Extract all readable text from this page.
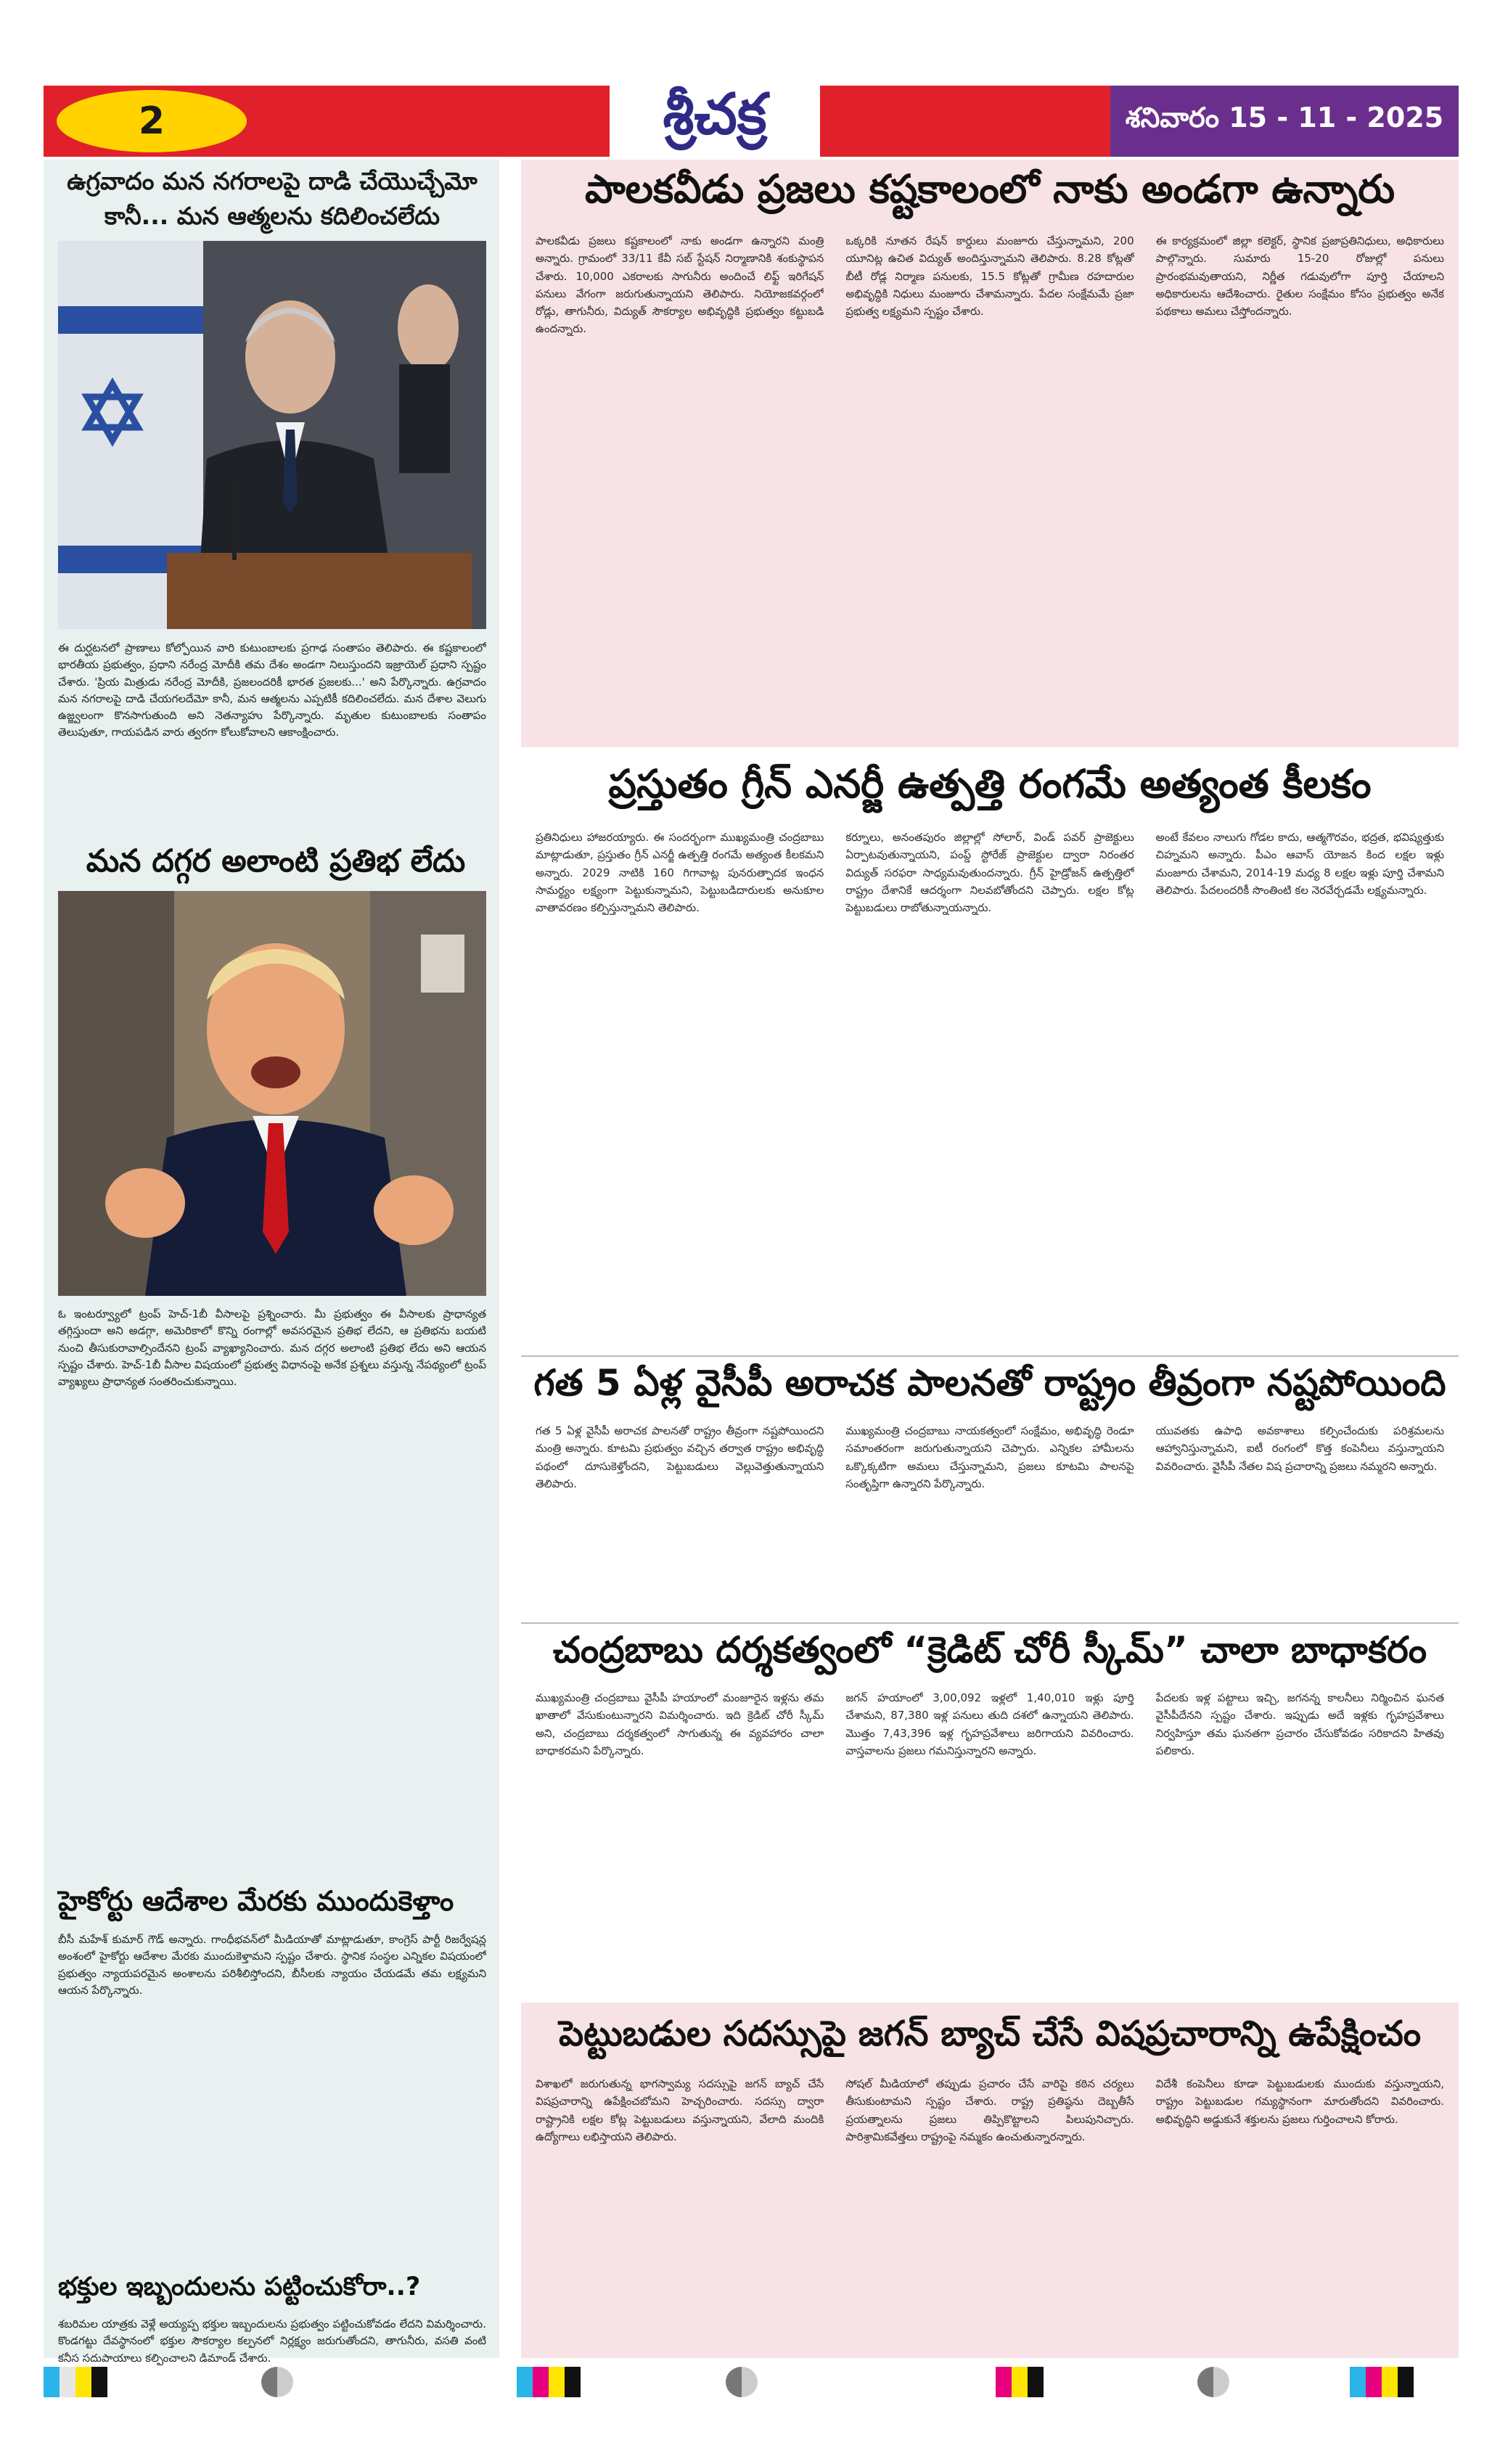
2	శ్రీచక్ర	శనివారం 15 - 11 - 2025
ఉగ్రవాదం మన నగరాలపై దాడి చేయొచ్చేమో
కానీ... మన ఆత్మలను కదిలించలేదు
ఈ దుర్ఘటనలో ప్రాణాలు కోల్పోయిన వారి కుటుంబాలకు ప్రగాఢ సంతాపం తెలిపారు. ఈ కష్టకాలంలో భారతీయ ప్రభుత్వం, ప్రధాని నరేంద్ర మోదీకి తమ దేశం అండగా నిలుస్తుందని ఇజ్రాయెల్ ప్రధాని స్పష్టం చేశారు. 'ప్రియ మిత్రుడు నరేంద్ర మోదీకి, ప్రజలందరికీ భారత ప్రజలకు...' అని పేర్కొన్నారు. ఉగ్రవాదం మన నగరాలపై దాడి చేయగలదేమో కానీ, మన ఆత్మలను ఎప్పటికీ కదిలించలేదు. మన దేశాల వెలుగు ఉజ్జ్వలంగా కొనసాగుతుంది అని నెతన్యాహు పేర్కొన్నారు. మృతుల కుటుంబాలకు సంతాపం తెలుపుతూ, గాయపడిన వారు త్వరగా కోలుకోవాలని ఆకాంక్షించారు.
మన దగ్గర అలాంటి ప్రతిభ లేదు
ఓ ఇంటర్వ్యూలో ట్రంప్ హెచ్-1బీ వీసాలపై ప్రశ్నించారు. మీ ప్రభుత్వం ఈ వీసాలకు ప్రాధాన్యత తగ్గిస్తుందా అని అడగ్గా, అమెరికాలో కొన్ని రంగాల్లో అవసరమైన ప్రతిభ లేదని, ఆ ప్రతిభను బయటి నుంచి తీసుకురావాల్సిందేనని ట్రంప్ వ్యాఖ్యానించారు. మన దగ్గర అలాంటి ప్రతిభ లేదు అని ఆయన స్పష్టం చేశారు. హెచ్-1బీ వీసాల విషయంలో ప్రభుత్వ విధానంపై అనేక ప్రశ్నలు వస్తున్న నేపథ్యంలో ట్రంప్ వ్యాఖ్యలు ప్రాధాన్యత సంతరించుకున్నాయి.
హైకోర్టు ఆదేశాల మేరకు ముందుకెళ్తాం
బీసీ మహేశ్ కుమార్ గౌడ్ అన్నారు. గాంధీభవన్‌లో మీడియాతో మాట్లాడుతూ, కాంగ్రెస్ పార్టీ రిజర్వేషన్ల అంశంలో హైకోర్టు ఆదేశాల మేరకు ముందుకెళ్తామని స్పష్టం చేశారు. స్థానిక సంస్థల ఎన్నికల విషయంలో ప్రభుత్వం న్యాయపరమైన అంశాలను పరిశీలిస్తోందని, బీసీలకు న్యాయం చేయడమే తమ లక్ష్యమని ఆయన పేర్కొన్నారు.
భక్తుల ఇబ్బందులను పట్టించుకోరా..?
శబరిమల యాత్రకు వెళ్లే అయ్యప్ప భక్తుల ఇబ్బందులను ప్రభుత్వం పట్టించుకోవడం లేదని విమర్శించారు. కొండగట్టు దేవస్థానంలో భక్తుల సౌకర్యాల కల్పనలో నిర్లక్ష్యం జరుగుతోందని, తాగునీరు, వసతి వంటి కనీస సదుపాయాలు కల్పించాలని డిమాండ్ చేశారు.
పాలకవీడు ప్రజలు కష్టకాలంలో నాకు అండగా ఉన్నారు
పాలకవీడు ప్రజలు కష్టకాలంలో నాకు అండగా ఉన్నారని మంత్రి అన్నారు. గ్రామంలో 33/11 కేవీ సబ్ స్టేషన్ నిర్మాణానికి శంకుస్థాపన చేశారు. 10,000 ఎకరాలకు సాగునీరు అందించే లిఫ్ట్ ఇరిగేషన్ పనులు వేగంగా జరుగుతున్నాయని తెలిపారు. నియోజకవర్గంలో రోడ్లు, తాగునీరు, విద్యుత్ సౌకర్యాల అభివృద్ధికి ప్రభుత్వం కట్టుబడి ఉందన్నారు.
ఒక్కరికి నూతన రేషన్ కార్డులు మంజూరు చేస్తున్నామని, 200 యూనిట్ల ఉచిత విద్యుత్ అందిస్తున్నామని తెలిపారు. 8.28 కోట్లతో బీటీ రోడ్ల నిర్మాణ పనులకు, 15.5 కోట్లతో గ్రామీణ రహదారుల అభివృద్ధికి నిధులు మంజూరు చేశామన్నారు. పేదల సంక్షేమమే ప్రజా ప్రభుత్వ లక్ష్యమని స్పష్టం చేశారు.
ఈ కార్యక్రమంలో జిల్లా కలెక్టర్, స్థానిక ప్రజాప్రతినిధులు, అధికారులు పాల్గొన్నారు. సుమారు 15-20 రోజుల్లో పనులు ప్రారంభమవుతాయని, నిర్ణీత గడువులోగా పూర్తి చేయాలని అధికారులను ఆదేశించారు. రైతుల సంక్షేమం కోసం ప్రభుత్వం అనేక పథకాలు అమలు చేస్తోందన్నారు.
ప్రస్తుతం గ్రీన్ ఎనర్జీ ఉత్పత్తి రంగమే అత్యంత కీలకం
ప్రతినిధులు హాజరయ్యారు. ఈ సందర్భంగా ముఖ్యమంత్రి చంద్రబాబు మాట్లాడుతూ, ప్రస్తుతం గ్రీన్ ఎనర్జీ ఉత్పత్తి రంగమే అత్యంత కీలకమని అన్నారు. 2029 నాటికి 160 గిగావాట్ల పునరుత్పాదక ఇంధన సామర్థ్యం లక్ష్యంగా పెట్టుకున్నామని, పెట్టుబడిదారులకు అనుకూల వాతావరణం కల్పిస్తున్నామని తెలిపారు.
కర్నూలు, అనంతపురం జిల్లాల్లో సోలార్, విండ్ పవర్ ప్రాజెక్టులు ఏర్పాటవుతున్నాయని, పంప్డ్ స్టోరేజ్ ప్రాజెక్టుల ద్వారా నిరంతర విద్యుత్ సరఫరా సాధ్యమవుతుందన్నారు. గ్రీన్ హైడ్రోజన్ ఉత్పత్తిలో రాష్ట్రం దేశానికే ఆదర్శంగా నిలవబోతోందని చెప్పారు. లక్షల కోట్ల పెట్టుబడులు రాబోతున్నాయన్నారు.
అంటే కేవలం నాలుగు గోడల కాదు, ఆత్మగౌరవం, భద్రత, భవిష్యత్తుకు చిహ్నమని అన్నారు. పీఎం ఆవాస్ యోజన కింద లక్షల ఇళ్లు మంజూరు చేశామని, 2014-19 మధ్య 8 లక్షల ఇళ్లు పూర్తి చేశామని తెలిపారు. పేదలందరికీ సొంతింటి కల నెరవేర్చడమే లక్ష్యమన్నారు.
గత 5 ఏళ్ల వైసీపీ అరాచక పాలనతో రాష్ట్రం తీవ్రంగా నష్టపోయింది
గత 5 ఏళ్ల వైసీపీ అరాచక పాలనతో రాష్ట్రం తీవ్రంగా నష్టపోయిందని మంత్రి అన్నారు. కూటమి ప్రభుత్వం వచ్చిన తర్వాత రాష్ట్రం అభివృద్ధి పథంలో దూసుకెళ్తోందని, పెట్టుబడులు వెల్లువెత్తుతున్నాయని తెలిపారు.
ముఖ్యమంత్రి చంద్రబాబు నాయకత్వంలో సంక్షేమం, అభివృద్ధి రెండూ సమాంతరంగా జరుగుతున్నాయని చెప్పారు. ఎన్నికల హామీలను ఒక్కొక్కటిగా అమలు చేస్తున్నామని, ప్రజలు కూటమి పాలనపై సంతృప్తిగా ఉన్నారని పేర్కొన్నారు.
యువతకు ఉపాధి అవకాశాలు కల్పించేందుకు పరిశ్రమలను ఆహ్వానిస్తున్నామని, ఐటీ రంగంలో కొత్త కంపెనీలు వస్తున్నాయని వివరించారు. వైసీపీ నేతల విష ప్రచారాన్ని ప్రజలు నమ్మరని అన్నారు.
చంద్రబాబు దర్శకత్వంలో “క్రెడిట్ చోరీ స్కీమ్” చాలా బాధాకరం
ముఖ్యమంత్రి చంద్రబాబు వైసీపీ హయాంలో మంజూరైన ఇళ్లను తమ ఖాతాలో వేసుకుంటున్నారని విమర్శించారు. ఇది క్రెడిట్ చోరీ స్కీమ్ అని, చంద్రబాబు దర్శకత్వంలో సాగుతున్న ఈ వ్యవహారం చాలా బాధాకరమని పేర్కొన్నారు.
జగన్ హయాంలో 3,00,092 ఇళ్లలో 1,40,010 ఇళ్లు పూర్తి చేశామని, 87,380 ఇళ్ల పనులు తుది దశలో ఉన్నాయని తెలిపారు. మొత్తం 7,43,396 ఇళ్ల గృహప్రవేశాలు జరిగాయని వివరించారు. వాస్తవాలను ప్రజలు గమనిస్తున్నారని అన్నారు.
పేదలకు ఇళ్ల పట్టాలు ఇచ్చి, జగనన్న కాలనీలు నిర్మించిన ఘనత వైసీపీదేనని స్పష్టం చేశారు. ఇప్పుడు అదే ఇళ్లకు గృహప్రవేశాలు నిర్వహిస్తూ తమ ఘనతగా ప్రచారం చేసుకోవడం సరికాదని హితవు పలికారు.
పెట్టుబడుల సదస్సుపై జగన్ బ్యాచ్ చేసే విషప్రచారాన్ని ఉపేక్షించం
విశాఖలో జరుగుతున్న భాగస్వామ్య సదస్సుపై జగన్ బ్యాచ్ చేసే విషప్రచారాన్ని ఉపేక్షించబోమని హెచ్చరించారు. సదస్సు ద్వారా రాష్ట్రానికి లక్షల కోట్ల పెట్టుబడులు వస్తున్నాయని, వేలాది మందికి ఉద్యోగాలు లభిస్తాయని తెలిపారు.
సోషల్ మీడియాలో తప్పుడు ప్రచారం చేసే వారిపై కఠిన చర్యలు తీసుకుంటామని స్పష్టం చేశారు. రాష్ట్ర ప్రతిష్ఠను దెబ్బతీసే ప్రయత్నాలను ప్రజలు తిప్పికొట్టాలని పిలుపునిచ్చారు. పారిశ్రామికవేత్తలు రాష్ట్రంపై నమ్మకం ఉంచుతున్నారన్నారు.
విదేశీ కంపెనీలు కూడా పెట్టుబడులకు ముందుకు వస్తున్నాయని, రాష్ట్రం పెట్టుబడుల గమ్యస్థానంగా మారుతోందని వివరించారు. అభివృద్ధిని అడ్డుకునే శక్తులను ప్రజలు గుర్తించాలని కోరారు.
